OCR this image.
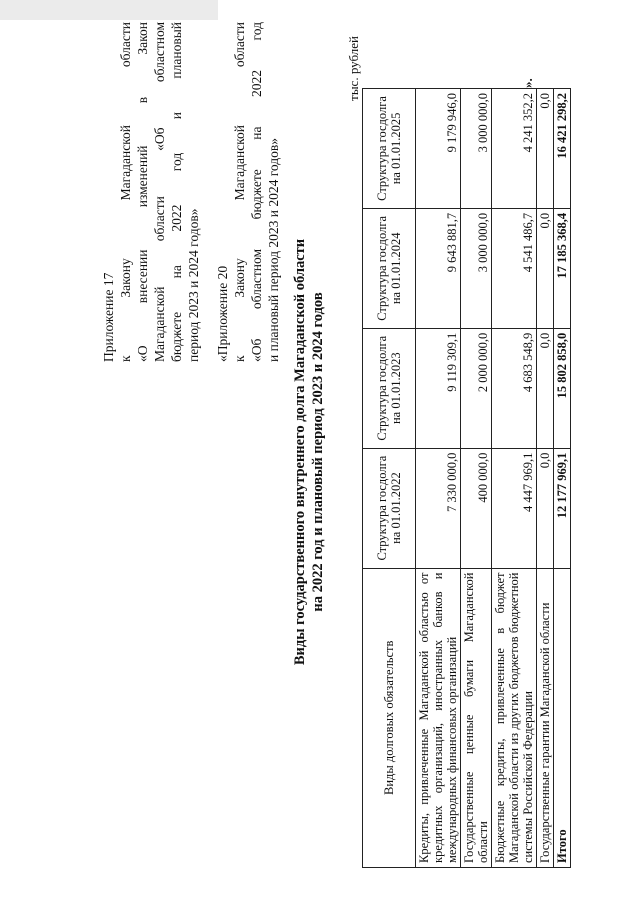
Приложение 17 к Закону Магаданской области «О внесении изменений в Закон Магаданской области «Об областном бюджете на 2022 год и плановый период 2023 и 2024 годов» «Приложение 20 к Закону Магаданской области «Об областном бюджете на 2022 год и плановый период 2023 и 2024 годов» Виды государственного внутреннего долга Магаданской области на 2022 год и плановый период 2023 и 2024 годов
тыс. рублей
Виды долговых обязательств	Структура госдолга на 01.01.2022	Структура госдолга на 01.01.2023	Структура госдолга на 01.01.2024	Структура госдолга на 01.01.2025
Кредиты, привлеченные Магаданской областью от кредитных организаций, иностранных банков и международных финансовых организаций	7 330 000,0	9 119 309,1	9 643 881,7	9 179 946,0
Государственные ценные бумаги Магаданской области	400 000,0	2 000 000,0	3 000 000,0	3 000 000,0
Бюджетные кредиты, привлеченные в бюджет Магаданской области из других бюджетов бюджетной системы Российской Федерации	4 447 969,1	4 683 548,9	4 541 486,7	4 241 352,2
Государственные гарантии Магаданской области	0,0	0,0	0,0	0,0
Итого	12 177 969,1	15 802 858,0	17 185 368,4	16 421 298,2
».
